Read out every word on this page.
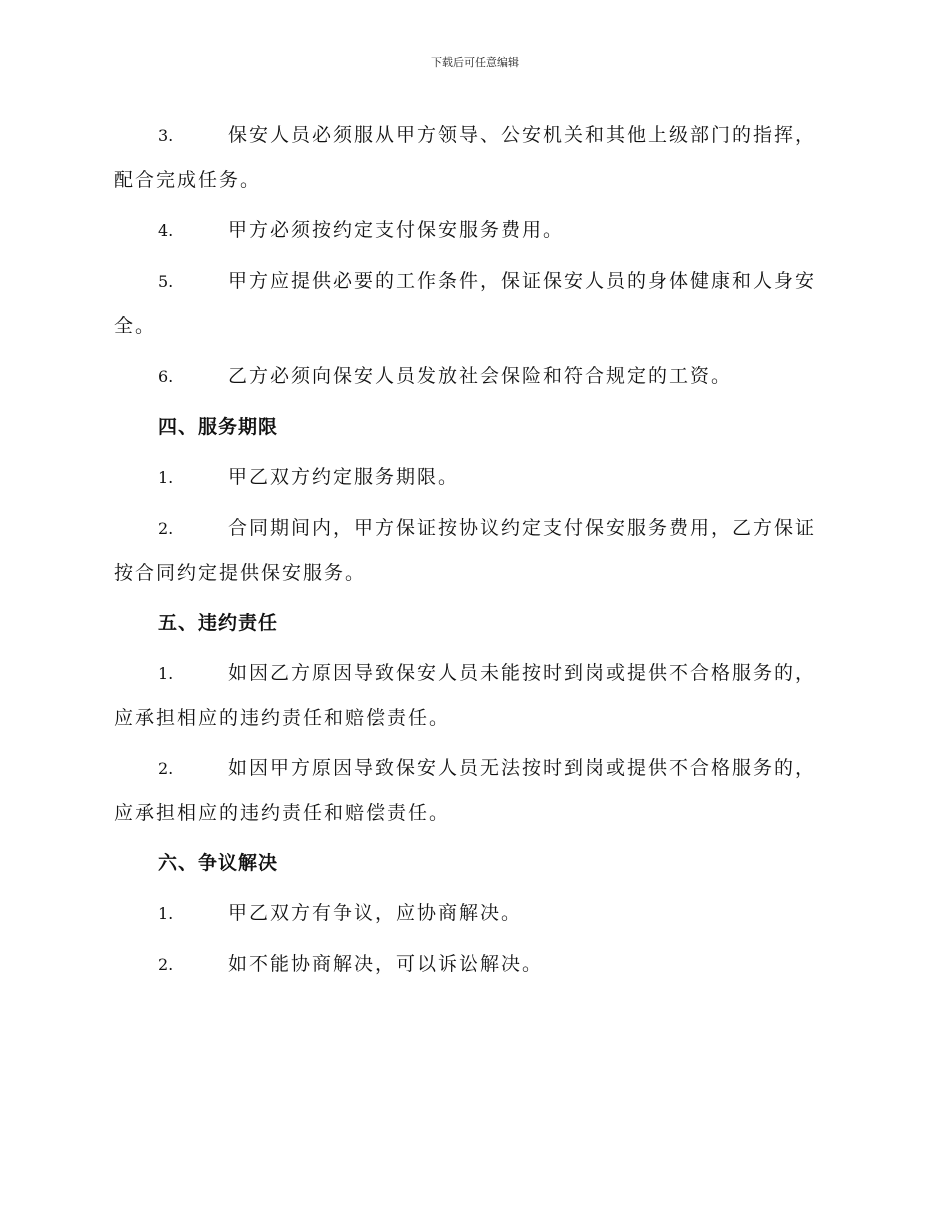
下载后可任意编辑

3.	保安人员必须服从甲方领导、公安机关和其他上级部门的指挥，配合完成任务。

4.	甲方必须按约定支付保安服务费用。

5.	甲方应提供必要的工作条件，保证保安人员的身体健康和人身安全。

6.	乙方必须向保安人员发放社会保险和符合规定的工资。

四、服务期限

1.	甲乙双方约定服务期限。

2.	合同期间内，甲方保证按协议约定支付保安服务费用，乙方保证按合同约定提供保安服务。

五、违约责任

1.	如因乙方原因导致保安人员未能按时到岗或提供不合格服务的，应承担相应的违约责任和赔偿责任。

2.	如因甲方原因导致保安人员无法按时到岗或提供不合格服务的，应承担相应的违约责任和赔偿责任。

六、争议解决

1.	甲乙双方有争议，应协商解决。

2.	如不能协商解决，可以诉讼解决。
